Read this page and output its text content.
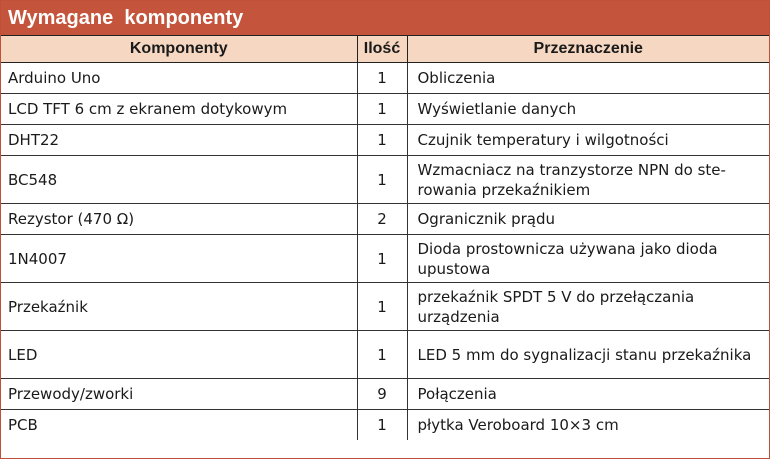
Wymagane  komponenty
Komponenty	Ilość	Przeznaczenie
Arduino Uno	1	Obliczenia
LCD TFT 6 cm z ekranem dotykowym	1	Wyświetlanie danych
DHT22	1	Czujnik temperatury i wilgotności
BC548	1	Wzmacniacz na tranzystorze NPN do ste-rowania przekaźnikiem
Rezystor (470 Ω)	2	Ogranicznik prądu
1N4007	1	Dioda prostownicza używana jako dioda upustowa
Przekaźnik	1	przekaźnik SPDT 5 V do przełączania urządzenia
LED	1	LED 5 mm do sygnalizacji stanu przekaźnika
Przewody/zworki	9	Połączenia
PCB	1	płytka Veroboard 10×3 cm
